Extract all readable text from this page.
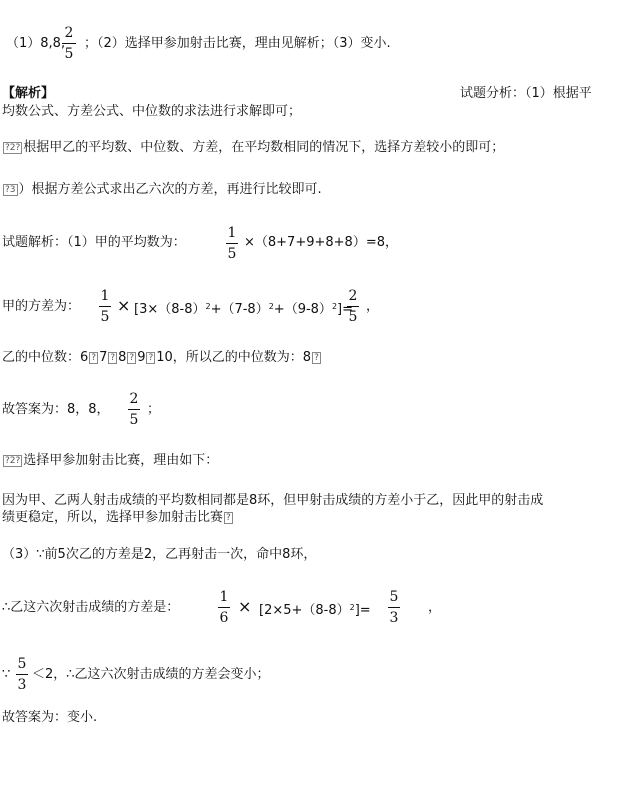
（1）8,8,
2
5
；（2）选择甲参加射击比赛，理由见解析；（3）变小.
【解析】	试题分析：（1）根据平
均数公式、方差公式、中位数的求法进行求解即可；
?2? 根据甲乙的平均数、中位数、方差，在平均数相同的情况下，选择方差较小的即可；
?3 ）根据方差公式求出乙六次的方差，再进行比较即可.
试题解析：（1）甲的平均数为：
1
5
×（8+7+9+8+8）=8，
甲的方差为：
1
5
× $[3\times(8-8)^2+(7-8)^2+(9-8)^2]=$
2
5
，
乙的中位数：6 ? 7 ? 8 ? 9 ? 10，所以乙的中位数为：8 ?
故答案为：8，8，
2
5
；
?2? 选择甲参加射击比赛，理由如下：
因为甲、乙两人射击成绩的平均数相同都是8环，但甲射击成绩的方差小于乙，因此甲的射击成
绩更稳定，所以，选择甲参加射击比赛 ?
（3）∵前5次乙的方差是2，乙再射击一次，命中8环，
∴乙这六次射击成绩的方差是：
1
6
× $[2\times 5+(8-8)^2]=$
5
3
，
∵
5
3
＜2，∴乙这六次射击成绩的方差会变小；
故答案为：变小.
